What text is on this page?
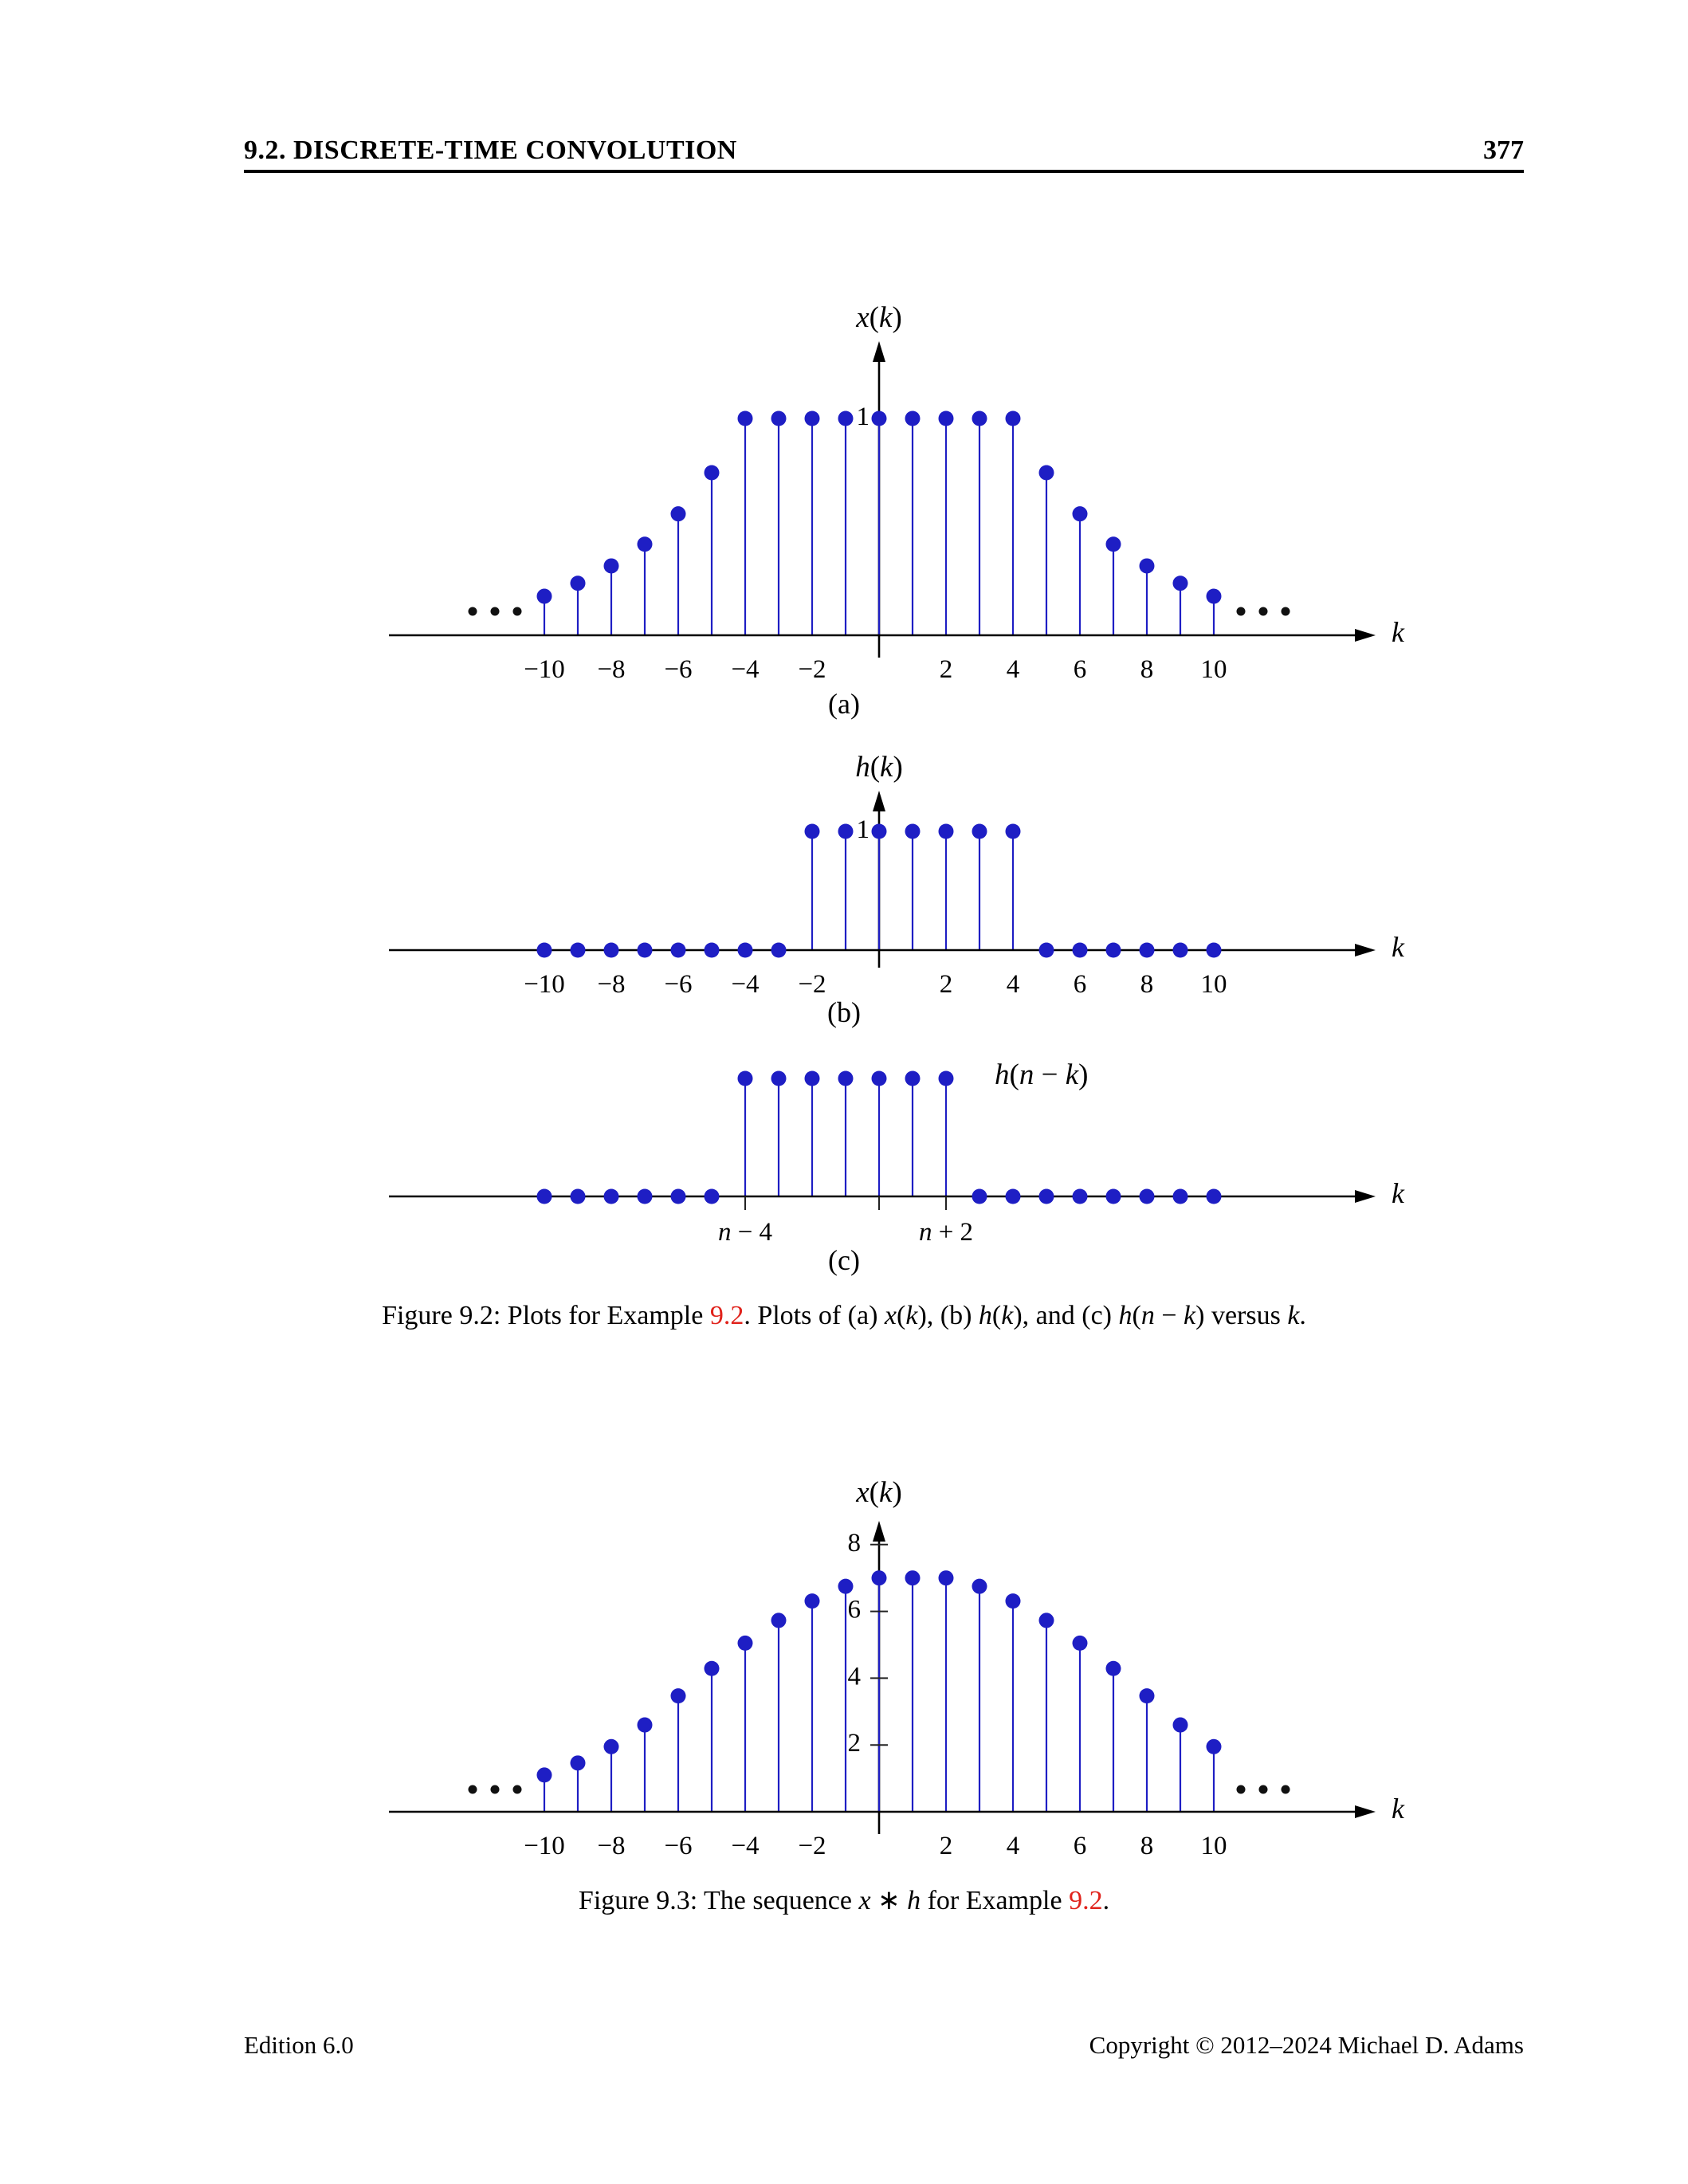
9.2. DISCRETE-TIME CONVOLUTION	377
x(k)
k
1
−10 −8 −6 −4 −2	2 4 6 8 10
h(k)
k
1
−10 −8 −6 −4 −2	2 4 6 8 10
h(n − k)
k
n − 4	n + 2
x(k)
k
2
4
6
8
−10 −8 −6 −4 −2	2 4 6 8 10
(a)
(b)
(c)
Figure 9.2: Plots for Example 9.2. Plots of (a) x(k), (b) h(k), and (c) h(n − k) versus k.
Figure 9.3: The sequence x ∗ h for Example 9.2.
Edition 6.0	Copyright © 2012–2024 Michael D. Adams
